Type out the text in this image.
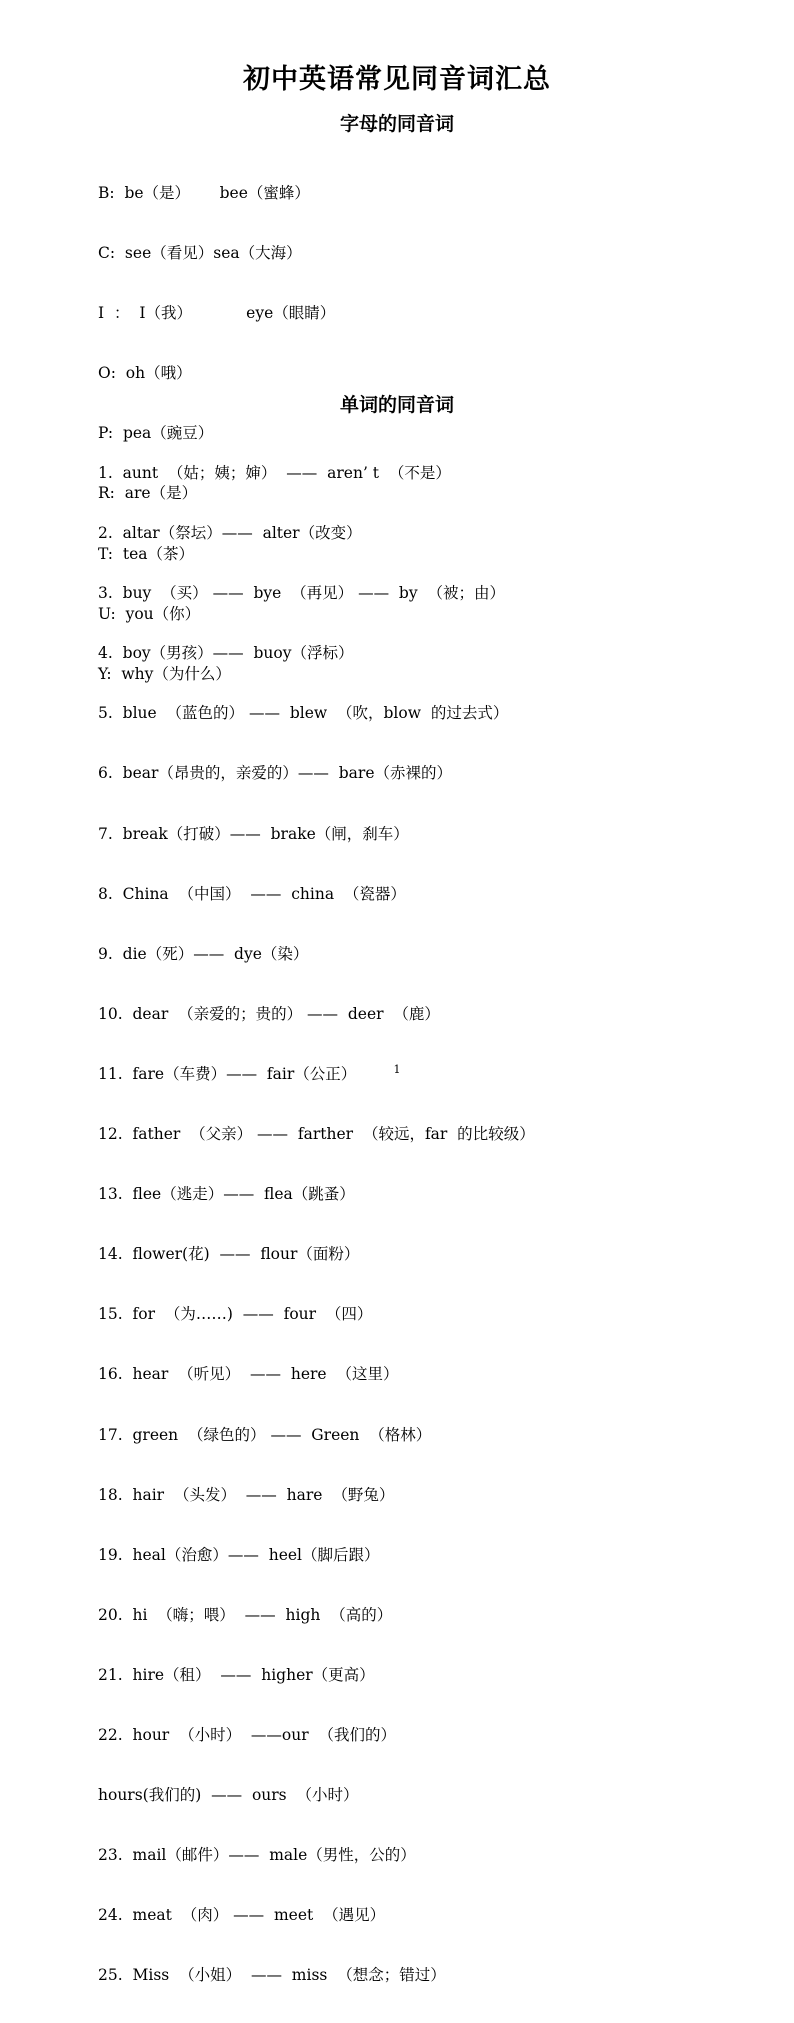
初中英语常见同音词汇总
字母的同音词

B:  be（是）      bee（蜜蜂）

C:  see（看见）sea（大海）

I  ：  I（我）           eye（眼睛）

O:  oh（哦）

P:  pea（豌豆）

R:  are（是）

T:  tea（茶）

U:  you（你）

Y:  why（为什么）

单词的同音词

1.  aunt  （姑；姨；婶）  ——  aren’ t  （不是）

2.  altar（祭坛）——  alter（改变）

3.  buy  （买） ——  bye  （再见） ——  by  （被；由）

4.  boy（男孩）——  buoy（浮标）

5.  blue  （蓝色的） ——  blew  （吹，blow  的过去式）

6.  bear（昂贵的，亲爱的）——  bare（赤裸的）

7.  break（打破）——  brake（闸，刹车）

8.  China  （中国）  ——  china  （瓷器）

9.  die（死）——  dye（染）

10.  dear  （亲爱的；贵的） ——  deer  （鹿）

11.  fare（车费）——  fair（公正）

12.  father  （父亲） ——  farther  （较远，far  的比较级）

13.  flee（逃走）——  flea（跳蚤）

14.  flower(花)  ——  flour（面粉）

15.  for  （为……)  ——  four  （四）

16.  hear  （听见）  ——  here  （这里）

17.  green  （绿色的） ——  Green  （格林）

18.  hair  （头发）  ——  hare  （野兔）

19.  heal（治愈）——  heel（脚后跟）

20.  hi  （嗨；喂）  ——  high  （高的）

21.  hire（租）  ——  higher（更高）

22.  hour  （小时）  ——our  （我们的）

hours(我们的)  ——  ours  （小时）

23.  mail（邮件）——  male（男性，公的）

24.  meat  （肉） ——  meet  （遇见）

25.  Miss  （小姐）  ——  miss  （想念；错过）

1
